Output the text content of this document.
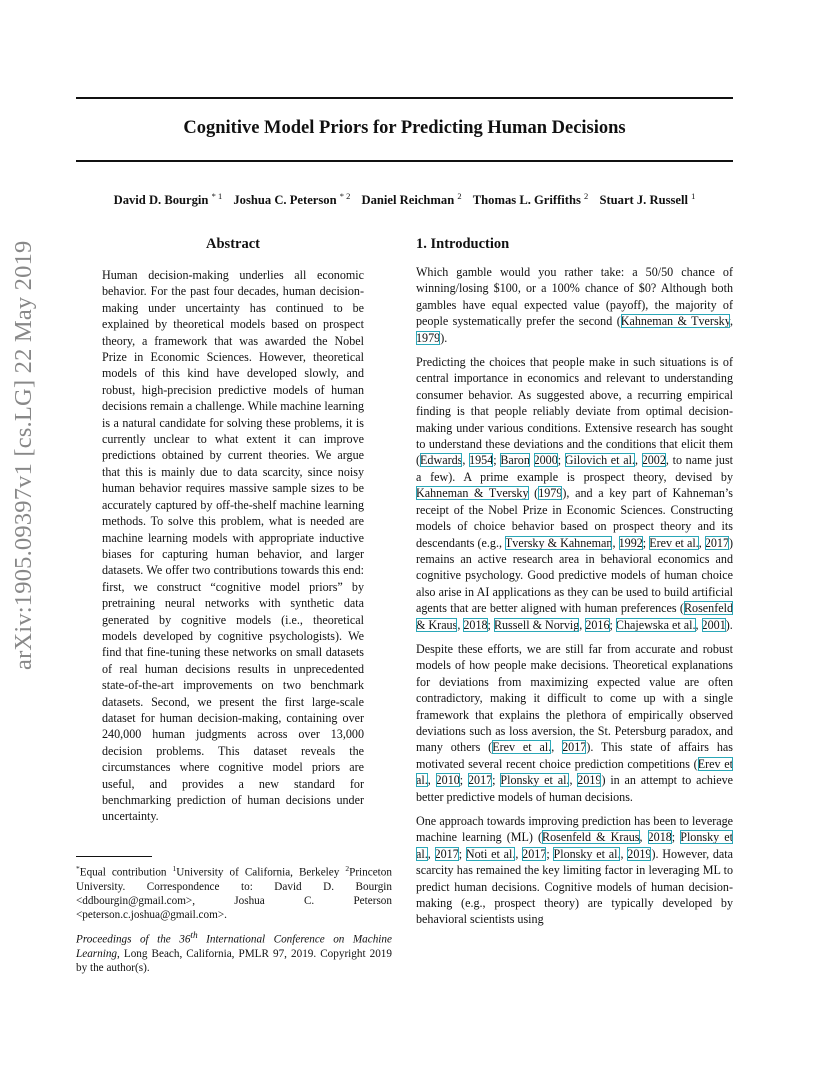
Cognitive Model Priors for Predicting Human Decisions
David D. Bourgin $^{* 1}$ Joshua C. Peterson $^{* 2}$ Daniel Reichman $^2$ Thomas L. Griffiths $^2$ Stuart J. Russell $^1$
arXiv:1905.09397v1 [cs.LG] 22 May 2019	Abstract

Human decision-making underlies all economic behavior. For the past four decades, human decision-making under uncertainty has continued to be explained by theoretical models based on prospect theory, a framework that was awarded the Nobel Prize in Economic Sciences. However, theoretical models of this kind have developed slowly, and robust, high-precision predictive models of human decisions remain a challenge. While machine learning is a natural candidate for solving these problems, it is currently unclear to what extent it can improve predictions obtained by current theories. We argue that this is mainly due to data scarcity, since noisy human behavior requires massive sample sizes to be accurately captured by off-the-shelf machine learning methods. To solve this problem, what is needed are machine learning models with appropriate inductive biases for capturing human behavior, and larger datasets. We offer two contributions towards this end: first, we construct “cognitive model priors” by pretraining neural networks with synthetic data generated by cognitive models (i.e., theoretical models developed by cognitive psychologists). We find that fine-tuning these networks on small datasets of real human decisions results in unprecedented state-of-the-art improvements on two benchmark datasets. Second, we present the first large-scale dataset for human decision-making, containing over 240,000 human judgments across over 13,000 decision problems. This dataset reveals the circumstances where cognitive model priors are useful, and provides a new standard for benchmarking prediction of human decisions under uncertainty.

1. Introduction

Which gamble would you rather take: a 50/50 chance of winning/losing $100, or a 100% chance of $0? Although both gambles have equal expected value (payoff), the majority of people systematically prefer the second (Kahneman & Tversky, 1979).

Predicting the choices that people make in such situations is of central importance in economics and relevant to understanding consumer behavior. As suggested above, a recurring empirical finding is that people reliably deviate from optimal decision-making under various conditions. Extensive research has sought to understand these deviations and the conditions that elicit them (Edwards, 1954; Baron 2000; Gilovich et al., 2002, to name just a few). A prime example is prospect theory, devised by Kahneman & Tversky (1979), and a key part of Kahneman’s receipt of the Nobel Prize in Economic Sciences. Constructing models of choice behavior based on prospect theory and its descendants (e.g., Tversky & Kahneman, 1992; Erev et al., 2017) remains an active research area in behavioral economics and cognitive psychology. Good predictive models of human choice also arise in AI applications as they can be used to build artificial agents that are better aligned with human preferences (Rosenfeld & Kraus, 2018; Russell & Norvig, 2016; Chajewska et al., 2001).

Despite these efforts, we are still far from accurate and robust models of how people make decisions. Theoretical explanations for deviations from maximizing expected value are often contradictory, making it difficult to come up with a single framework that explains the plethora of empirically observed deviations such as loss aversion, the St. Petersburg paradox, and many others (Erev et al., 2017). This state of affairs has motivated several recent choice prediction competitions (Erev et al., 2010; 2017; Plonsky et al., 2019) in an attempt to achieve better predictive models of human decisions.

One approach towards improving prediction has been to leverage machine learning (ML) (Rosenfeld & Kraus, 2018; Plonsky et al., 2017; Noti et al., 2017; Plonsky et al., 2019). However, data scarcity has remained the key limiting factor in leveraging ML to predict human decisions. Cognitive models of human decision-making (e.g., prospect theory) are typically developed by behavioral scientists using

*Equal contribution $^1$University of California, Berkeley $^2$Princeton University. Correspondence to: David D. Bourgin <ddbourgin@gmail.com>, Joshua C. Peterson <peterson.c.joshua@gmail.com>.
Proceedings of the 36th International Conference on Machine Learning, Long Beach, California, PMLR 97, 2019. Copyright 2019 by the author(s).
